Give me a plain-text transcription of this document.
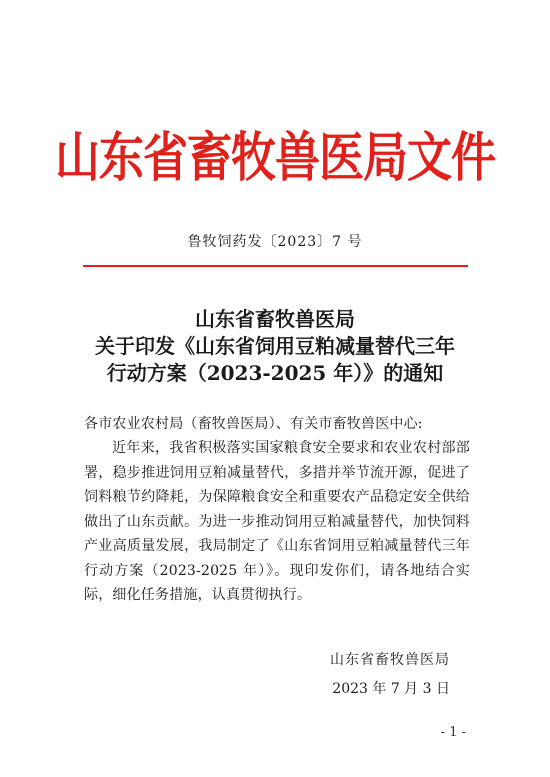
山东省畜牧兽医局文件
鲁牧饲药发〔2023〕7 号
山东省畜牧兽医局
关于印发《山东省饲用豆粕减量替代三年
行动方案（2023-2025 年）》的通知
各市农业农村局（畜牧兽医局）、有关市畜牧兽医中心:
近年来，我省积极落实国家粮食安全要求和农业农村部部署，稳步推进饲用豆粕减量替代，多措并举节流开源，促进了饲料粮节约降耗，为保障粮食安全和重要农产品稳定安全供给做出了山东贡献。为进一步推动饲用豆粕减量替代，加快饲料产业高质量发展，我局制定了《山东省饲用豆粕减量替代三年行动方案（2023-2025 年）》。现印发你们，请各地结合实际，细化任务措施，认真贯彻执行。
山东省畜牧兽医局
2023 年 7 月 3 日
- 1 -
